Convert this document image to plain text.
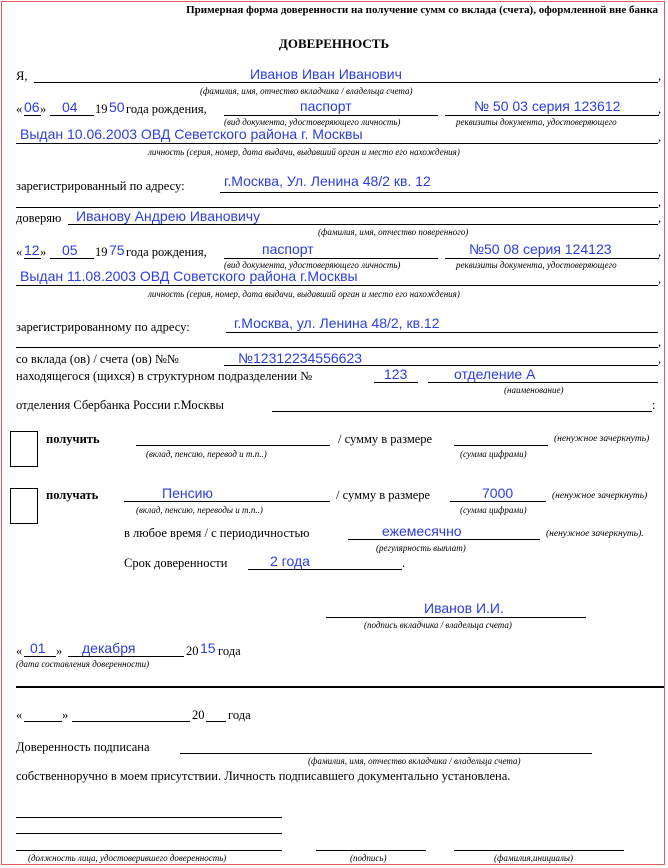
Примерная форма доверенности на получение сумм со вклада (счета), оформленной вне банка
ДОВЕРЕННОСТЬ
Я,	,
Иванов Иван Иванович
(фамилия, имя, отчество вкладчика / владельца счета)
« 06 » 04 19 50 года рождения,	паспорт	№ 50 03 серия 123612	,
(вид документа, удостоверяющего личность)	реквизиты документа, удостоверяющего
Выдан 10.06.2003 ОВД Севетского района г. Москвы	,
личность (серия, номер, дата выдачи, выдавший орган и место его нахождения)
зарегистрированный по адресу:	г.Москва, Ул. Ленина 48/2 кв. 12
,
доверяю Иванову Андрею Ивановичу	,
(фамилия, имя, отчество поверенного)
« 12 » 05 19 75 года рождения,	паспорт	№50 08 серия 124123	,
(вид документа, удостоверяющего личность)	реквизиты документа, удостоверяющего
Выдан 11.08.2003 ОВД Советского района г.Москвы	,
личность (серия, номер, дата выдачи, выдавший орган и место его нахождения)
зарегистрированному по адресу:	г.Москва, ул. Ленина 48/2, кв.12
,
со вклада (ов) / счета (ов) №№	№12312234556623	,
находящегося (щихся) в структурном подразделении №	123	отделение А
(наименование)
отделения Сбербанка России г.Москвы	:
получить	/ сумму в размере	(ненужное зачеркнуть)
(вклад, пенсию, перевод и т.п..)	(сумма цифрами)
получать	Пенсию	/ сумму в размере	7000	(ненужное зачеркнуть)
(вклад, пенсию, переводы и т.п..)	(сумма цифрами)
в любое время / с периодичностью	ежемесячно	(ненужное зачеркнуть).
(регулярность выплат)
Срок доверенности	2 года	.
Иванов И.И.
(подпись вкладчика / владельца счета)
« 01 » декабря	20 15 года
(дата составления доверенности)
«	»	20 года
Доверенность подписана
(фамилия, имя, отчество вкладчика / владельца счета)
собственноручно в моем присутствии. Личность подписавшего документально установлена.
(должность лица, удостоверившего доверенность)	(подпись)	(фамилия,инициалы)
